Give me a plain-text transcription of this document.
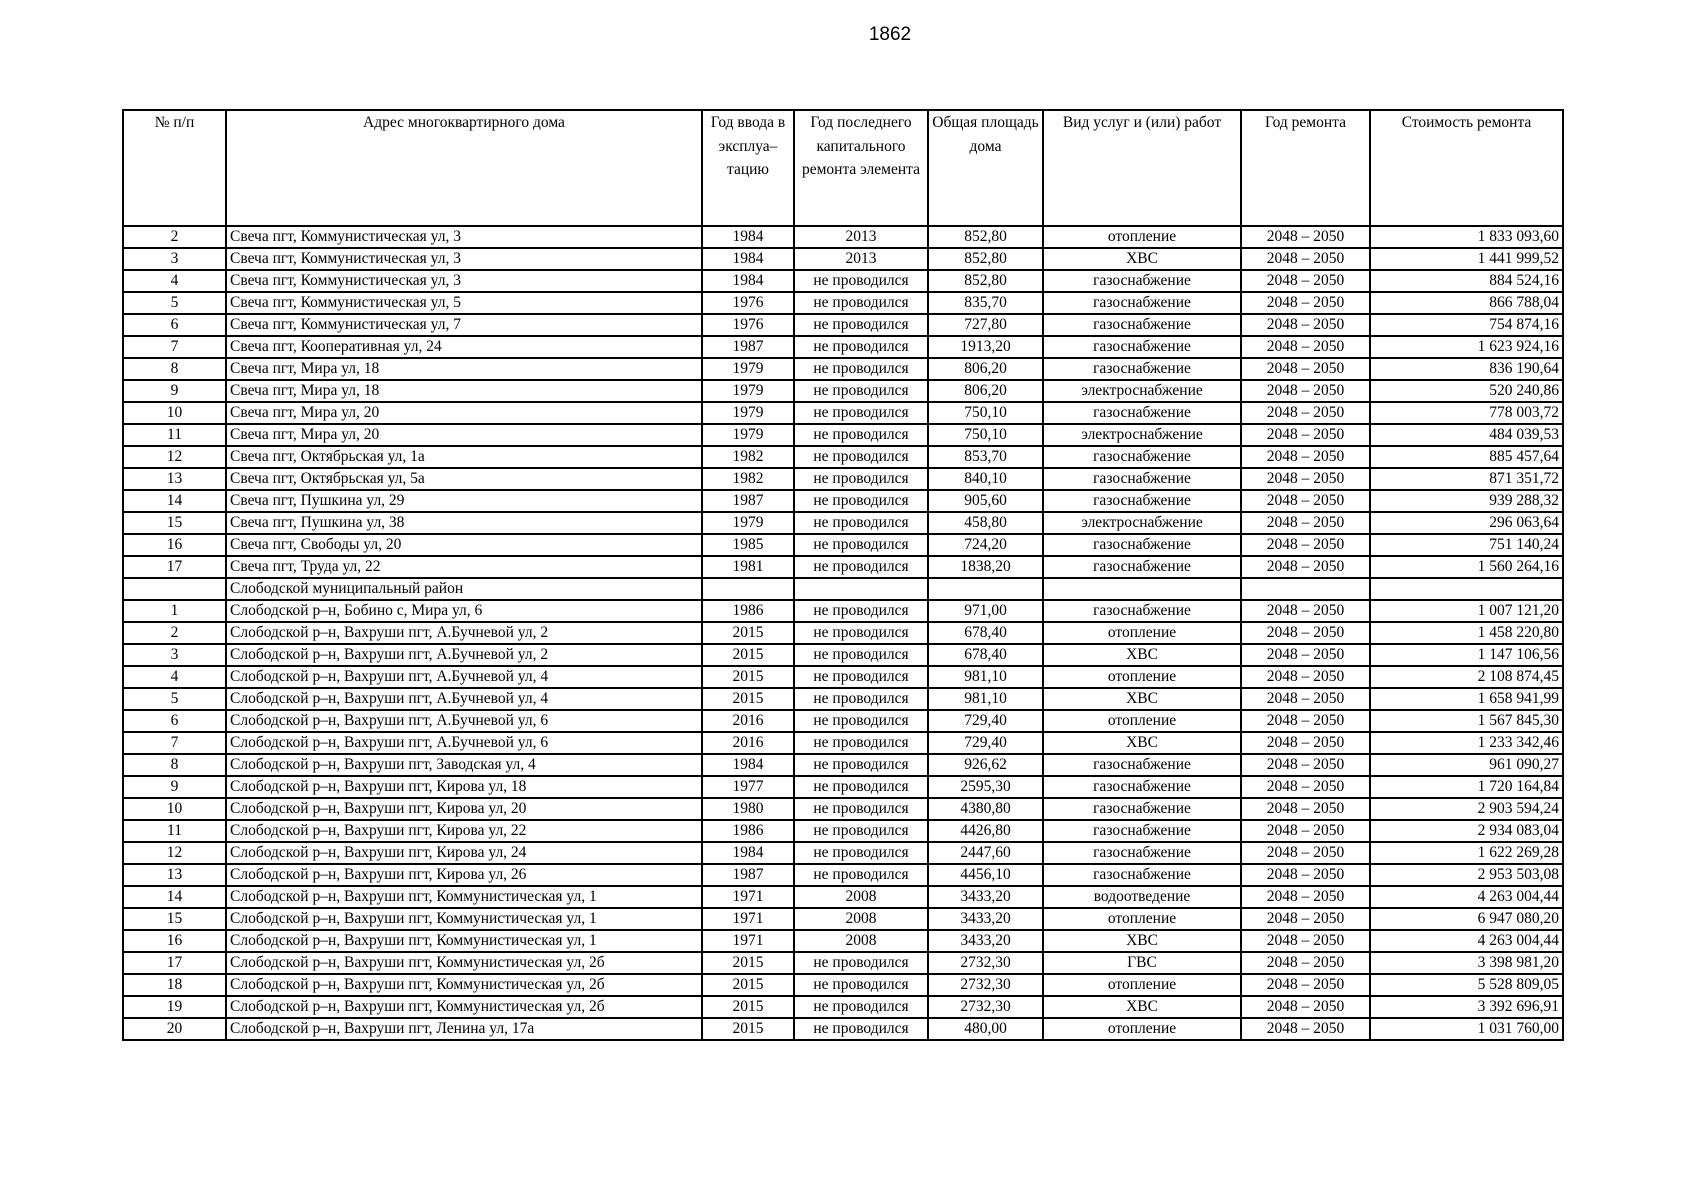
1862
№ п/п	Адрес многоквартирного дома	Год ввода в эксплуа–тацию	Год последнего капитального ремонта элемента	Общая площадь дома	Вид услуг и (или) работ	Год ремонта	Стоимость ремонта
2	Свеча пгт, Коммунистическая ул, 3	1984	2013	852,80	отопление	2048 – 2050	1 833 093,60
3	Свеча пгт, Коммунистическая ул, 3	1984	2013	852,80	ХВС	2048 – 2050	1 441 999,52
4	Свеча пгт, Коммунистическая ул, 3	1984	не проводился	852,80	газоснабжение	2048 – 2050	884 524,16
5	Свеча пгт, Коммунистическая ул, 5	1976	не проводился	835,70	газоснабжение	2048 – 2050	866 788,04
6	Свеча пгт, Коммунистическая ул, 7	1976	не проводился	727,80	газоснабжение	2048 – 2050	754 874,16
7	Свеча пгт, Кооперативная ул, 24	1987	не проводился	1913,20	газоснабжение	2048 – 2050	1 623 924,16
8	Свеча пгт, Мира ул, 18	1979	не проводился	806,20	газоснабжение	2048 – 2050	836 190,64
9	Свеча пгт, Мира ул, 18	1979	не проводился	806,20	электроснабжение	2048 – 2050	520 240,86
10	Свеча пгт, Мира ул, 20	1979	не проводился	750,10	газоснабжение	2048 – 2050	778 003,72
11	Свеча пгт, Мира ул, 20	1979	не проводился	750,10	электроснабжение	2048 – 2050	484 039,53
12	Свеча пгт, Октябрьская ул, 1а	1982	не проводился	853,70	газоснабжение	2048 – 2050	885 457,64
13	Свеча пгт, Октябрьская ул, 5а	1982	не проводился	840,10	газоснабжение	2048 – 2050	871 351,72
14	Свеча пгт, Пушкина ул, 29	1987	не проводился	905,60	газоснабжение	2048 – 2050	939 288,32
15	Свеча пгт, Пушкина ул, 38	1979	не проводился	458,80	электроснабжение	2048 – 2050	296 063,64
16	Свеча пгт, Свободы ул, 20	1985	не проводился	724,20	газоснабжение	2048 – 2050	751 140,24
17	Свеча пгт, Труда ул, 22	1981	не проводился	1838,20	газоснабжение	2048 – 2050	1 560 264,16
	Слободской муниципальный район						
1	Слободской р–н, Бобино с, Мира ул, 6	1986	не проводился	971,00	газоснабжение	2048 – 2050	1 007 121,20
2	Слободской р–н, Вахруши пгт, А.Бучневой ул, 2	2015	не проводился	678,40	отопление	2048 – 2050	1 458 220,80
3	Слободской р–н, Вахруши пгт, А.Бучневой ул, 2	2015	не проводился	678,40	ХВС	2048 – 2050	1 147 106,56
4	Слободской р–н, Вахруши пгт, А.Бучневой ул, 4	2015	не проводился	981,10	отопление	2048 – 2050	2 108 874,45
5	Слободской р–н, Вахруши пгт, А.Бучневой ул, 4	2015	не проводился	981,10	ХВС	2048 – 2050	1 658 941,99
6	Слободской р–н, Вахруши пгт, А.Бучневой ул, 6	2016	не проводился	729,40	отопление	2048 – 2050	1 567 845,30
7	Слободской р–н, Вахруши пгт, А.Бучневой ул, 6	2016	не проводился	729,40	ХВС	2048 – 2050	1 233 342,46
8	Слободской р–н, Вахруши пгт, Заводская ул, 4	1984	не проводился	926,62	газоснабжение	2048 – 2050	961 090,27
9	Слободской р–н, Вахруши пгт, Кирова ул, 18	1977	не проводился	2595,30	газоснабжение	2048 – 2050	1 720 164,84
10	Слободской р–н, Вахруши пгт, Кирова ул, 20	1980	не проводился	4380,80	газоснабжение	2048 – 2050	2 903 594,24
11	Слободской р–н, Вахруши пгт, Кирова ул, 22	1986	не проводился	4426,80	газоснабжение	2048 – 2050	2 934 083,04
12	Слободской р–н, Вахруши пгт, Кирова ул, 24	1984	не проводился	2447,60	газоснабжение	2048 – 2050	1 622 269,28
13	Слободской р–н, Вахруши пгт, Кирова ул, 26	1987	не проводился	4456,10	газоснабжение	2048 – 2050	2 953 503,08
14	Слободской р–н, Вахруши пгт, Коммунистическая ул, 1	1971	2008	3433,20	водоотведение	2048 – 2050	4 263 004,44
15	Слободской р–н, Вахруши пгт, Коммунистическая ул, 1	1971	2008	3433,20	отопление	2048 – 2050	6 947 080,20
16	Слободской р–н, Вахруши пгт, Коммунистическая ул, 1	1971	2008	3433,20	ХВС	2048 – 2050	4 263 004,44
17	Слободской р–н, Вахруши пгт, Коммунистическая ул, 2б	2015	не проводился	2732,30	ГВС	2048 – 2050	3 398 981,20
18	Слободской р–н, Вахруши пгт, Коммунистическая ул, 2б	2015	не проводился	2732,30	отопление	2048 – 2050	5 528 809,05
19	Слободской р–н, Вахруши пгт, Коммунистическая ул, 2б	2015	не проводился	2732,30	ХВС	2048 – 2050	3 392 696,91
20	Слободской р–н, Вахруши пгт, Ленина ул, 17а	2015	не проводился	480,00	отопление	2048 – 2050	1 031 760,00
